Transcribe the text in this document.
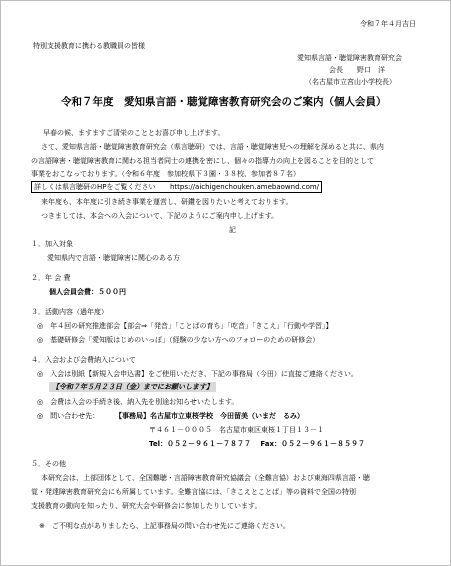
令和７年４月吉日
特別支援教育に携わる教職員の皆様
愛知県言語・聴覚障害教育研究会
会長　　野口　洋
（名古屋市立宮山小学校長）
令和７年度　愛知県言語・聴覚障害教育研究会のご案内（個人会員）
早春の候、ますますご清栄のこととお喜び申し上げます。
さて、愛知県言語・聴覚障害教育研究会（県言聴研）では、言語・聴覚障害児への理解を深めると共に、県内
の言語障害・聴覚障害教育に関わる担当者同士の連携を密にし、個々の指導力の向上を図ることを目的として
事業をおこなっております。（令和６年度　参加校県下３園・３８校、参加者８７名）
詳しくは県言聴研のHPをご覧ください https://aichigenchouken.amebaownd.com/
来年度も、本年度に引き続き事業を運営し、研鑽を図りたいと考えております。
つきましては、本会への入会について、下記のようにご案内申し上げます。
記
１．加入対象
愛知県内で言語・聴覚障害に関心のある方
２．年 会 費
個人会員会費：５００円
３．活動内容（過年度）
◎　年４回の研究推進部会【部会⇒「発音」「ことばの育ち」「吃音」「きこえ」「行動や学習」】
◎　基礎研修会「愛知版はじめのいっぽ」（経験の少ない方へのフォローのための研修会）
４．入会および会費納入について
◎　入会は別紙【新規入会申込書】をご使用いただき、下記の事務局（今田）に直接ご連絡ください。
【令和７年５月２３日（金）までにお願いします】
◎　会費は入会の手続き後、納入先を別途お知らせいたします。
◎　問い合わせ先： 【事務局】名古屋市立東桜学校　今田留美（いまだ　るみ）
〒４６１－０００５　名古屋市東区東桜１丁目１３－１
Tel：０５２－９６１－７８７７　 Fax：０５２－９６１－８５９７
５．その他
本研究会は、上部団体として、全国難聴・言語障害教育研究協議会（全難言協）および東海四県言語・聴
覚・発達障害教育研究会にも所属しています。全難言協には、「きこえとことば」等の資料で全国の特別
支援教育の動向を知ったり、研究大会や研修会に参加したりしています。
※　ご不明な点がありましたら、上記事務局の問い合わせ先にご連絡ください。
